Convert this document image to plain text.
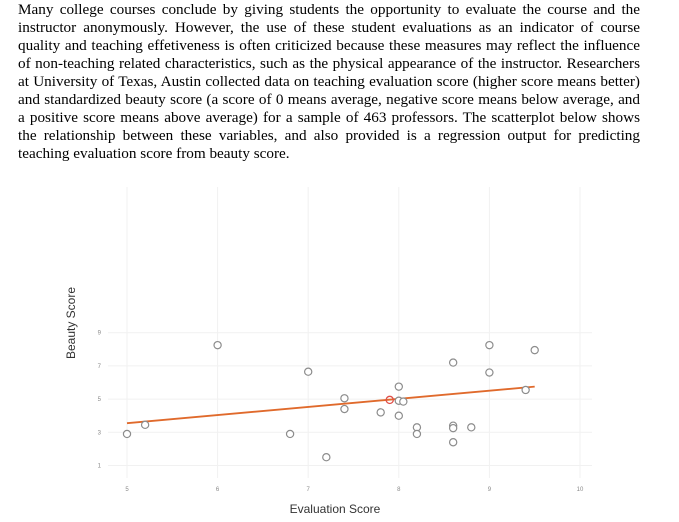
Many college courses conclude by giving students the opportunity to evaluate the course and the instructor anonymously. However, the use of these student evaluations as an indicator of course quality and teaching effetiveness is often criticized because these measures may reflect the influence of non-teaching related characteristics, such as the physical appearance of the instructor. Researchers at University of Texas, Austin collected data on teaching evaluation score (higher score means better) and standardized beauty score (a score of 0 means average, negative score means below average, and a positive score means above average) for a sample of 463 professors. The scatterplot below shows the relationship between these variables, and also provided is a regression output for predicting teaching evaluation score from beauty score.

5	6	7	8	9	10
1
3
5
7
9
Evaluation Score
Beauty Score
